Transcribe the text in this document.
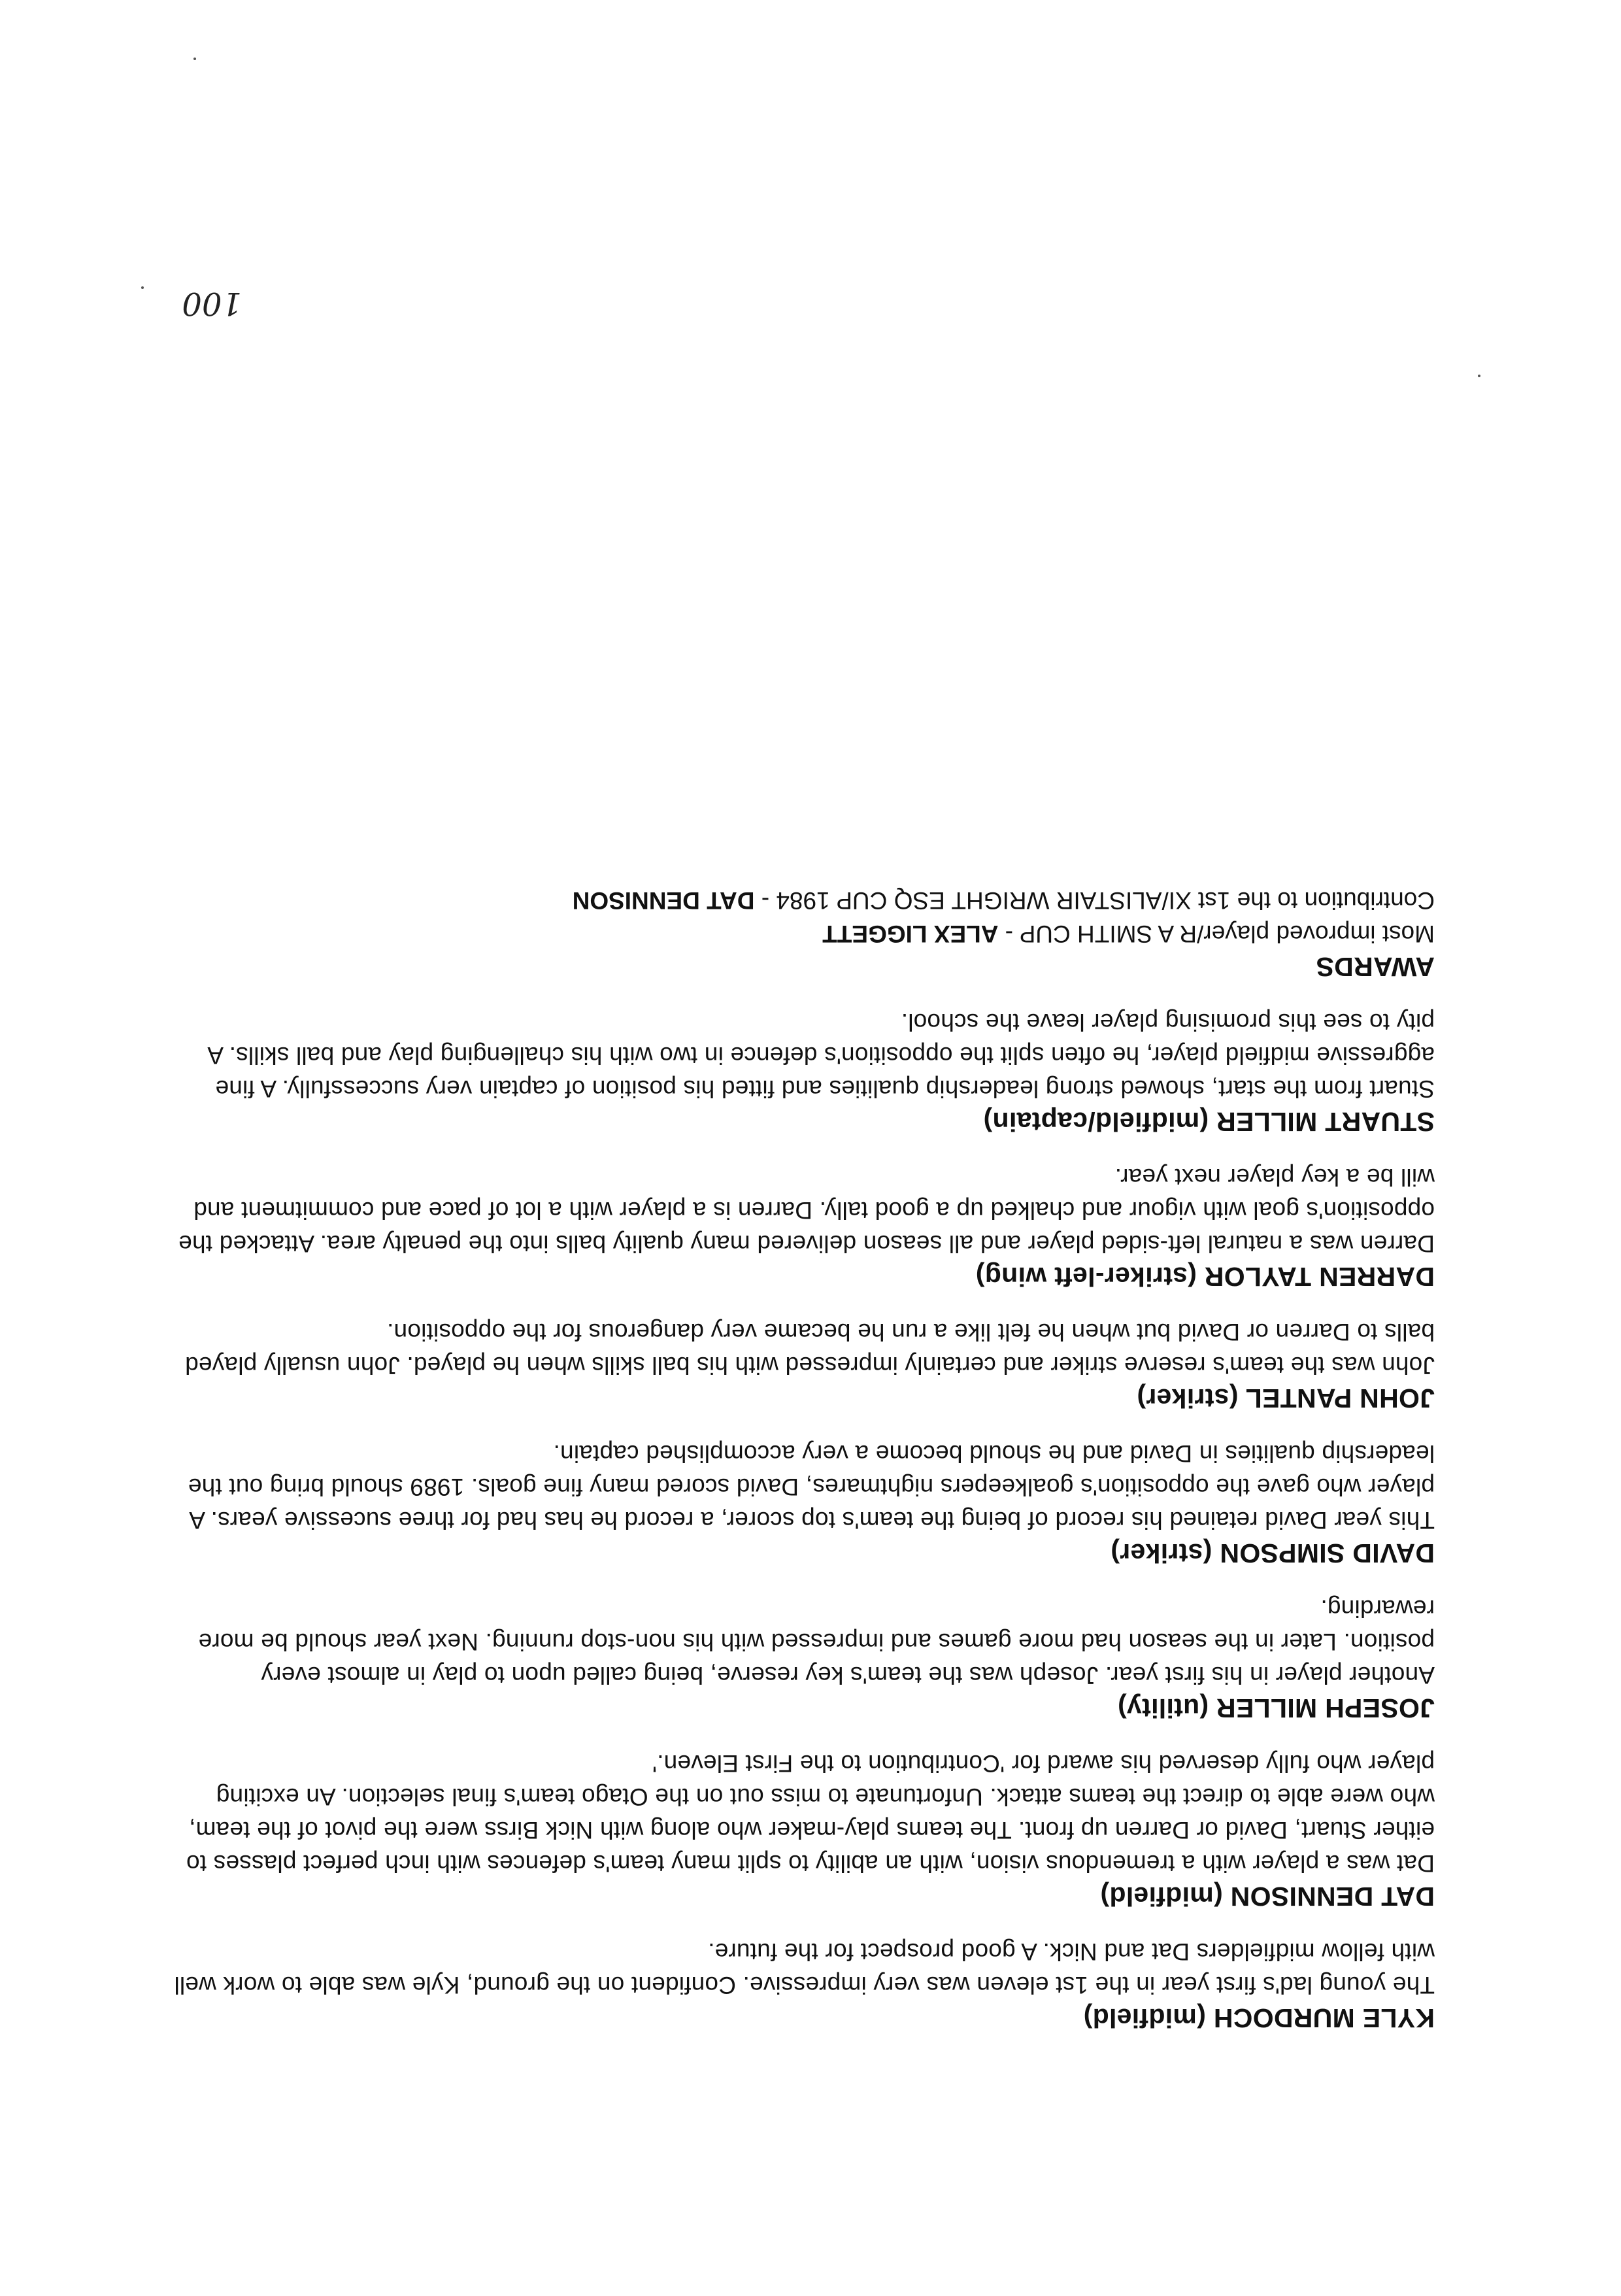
KYLE MURDOCH (midfield)

The young lad's first year in the 1st eleven was very impressive. Confident on the ground, Kyle was able to work well with fellow midfielders Dat and Nick. A good prospect for the future.

DAT DENNISON (midfield)

Dat was a player with a tremendous vision, with an ability to split many team's defences with inch perfect plasses to either Stuart, David or Darren up front. The teams play-maker who along with Nick Birss were the pivot of the team, who were able to direct the teams attack. Unfortunate to miss out on the Otago team's final selection. An exciting player who fully deserved his award for 'Contribution to the First Eleven.'

JOSEPH MILLER (utility)

Another player in his first year. Joseph was the team's key reserve, being called upon to play in almost every position. Later in the season had more games and impressed with his non-stop running. Next year should be more rewarding.

DAVID SIMPSON (striker)

This year David retained his record of being the team's top scorer, a record he has had for three sucessive years. A player who gave the opposition's goalkeepers nightmares, David scored many fine goals. 1989 should bring out the leadership qualities in David and he should become a very accomplished captain.

JOHN PANTEL (striker)

John was the team's reserve striker and certainly impressed with his ball skills when he played. John usually played balls to Darren or David but when he felt like a run he became very dangerous for the opposition.

DARREN TAYLOR (striker-left wing)

Darren was a natural left-sided player and all season delivered many quality balls into the penalty area. Attacked the opposition's goal with vigour and chalked up a good tally. Darren is a player with a lot of pace and commitment and will be a key player next year.

STUART MILLER (midfield/captain)

Stuart from the start, showed strong leadership qualities and fitted his position of captain very successfully. A fine aggressive midfield player, he often split the opposition's defence in two with his challenging play and ball skills. A pity to see this promising player leave the school.

AWARDS

Most improved player/R A SMITH CUP - ALEX LIGGETT

Contribution to the 1st XI/ALISTAIR WRIGHT ESQ CUP 1984 - DAT DENNISON

100
